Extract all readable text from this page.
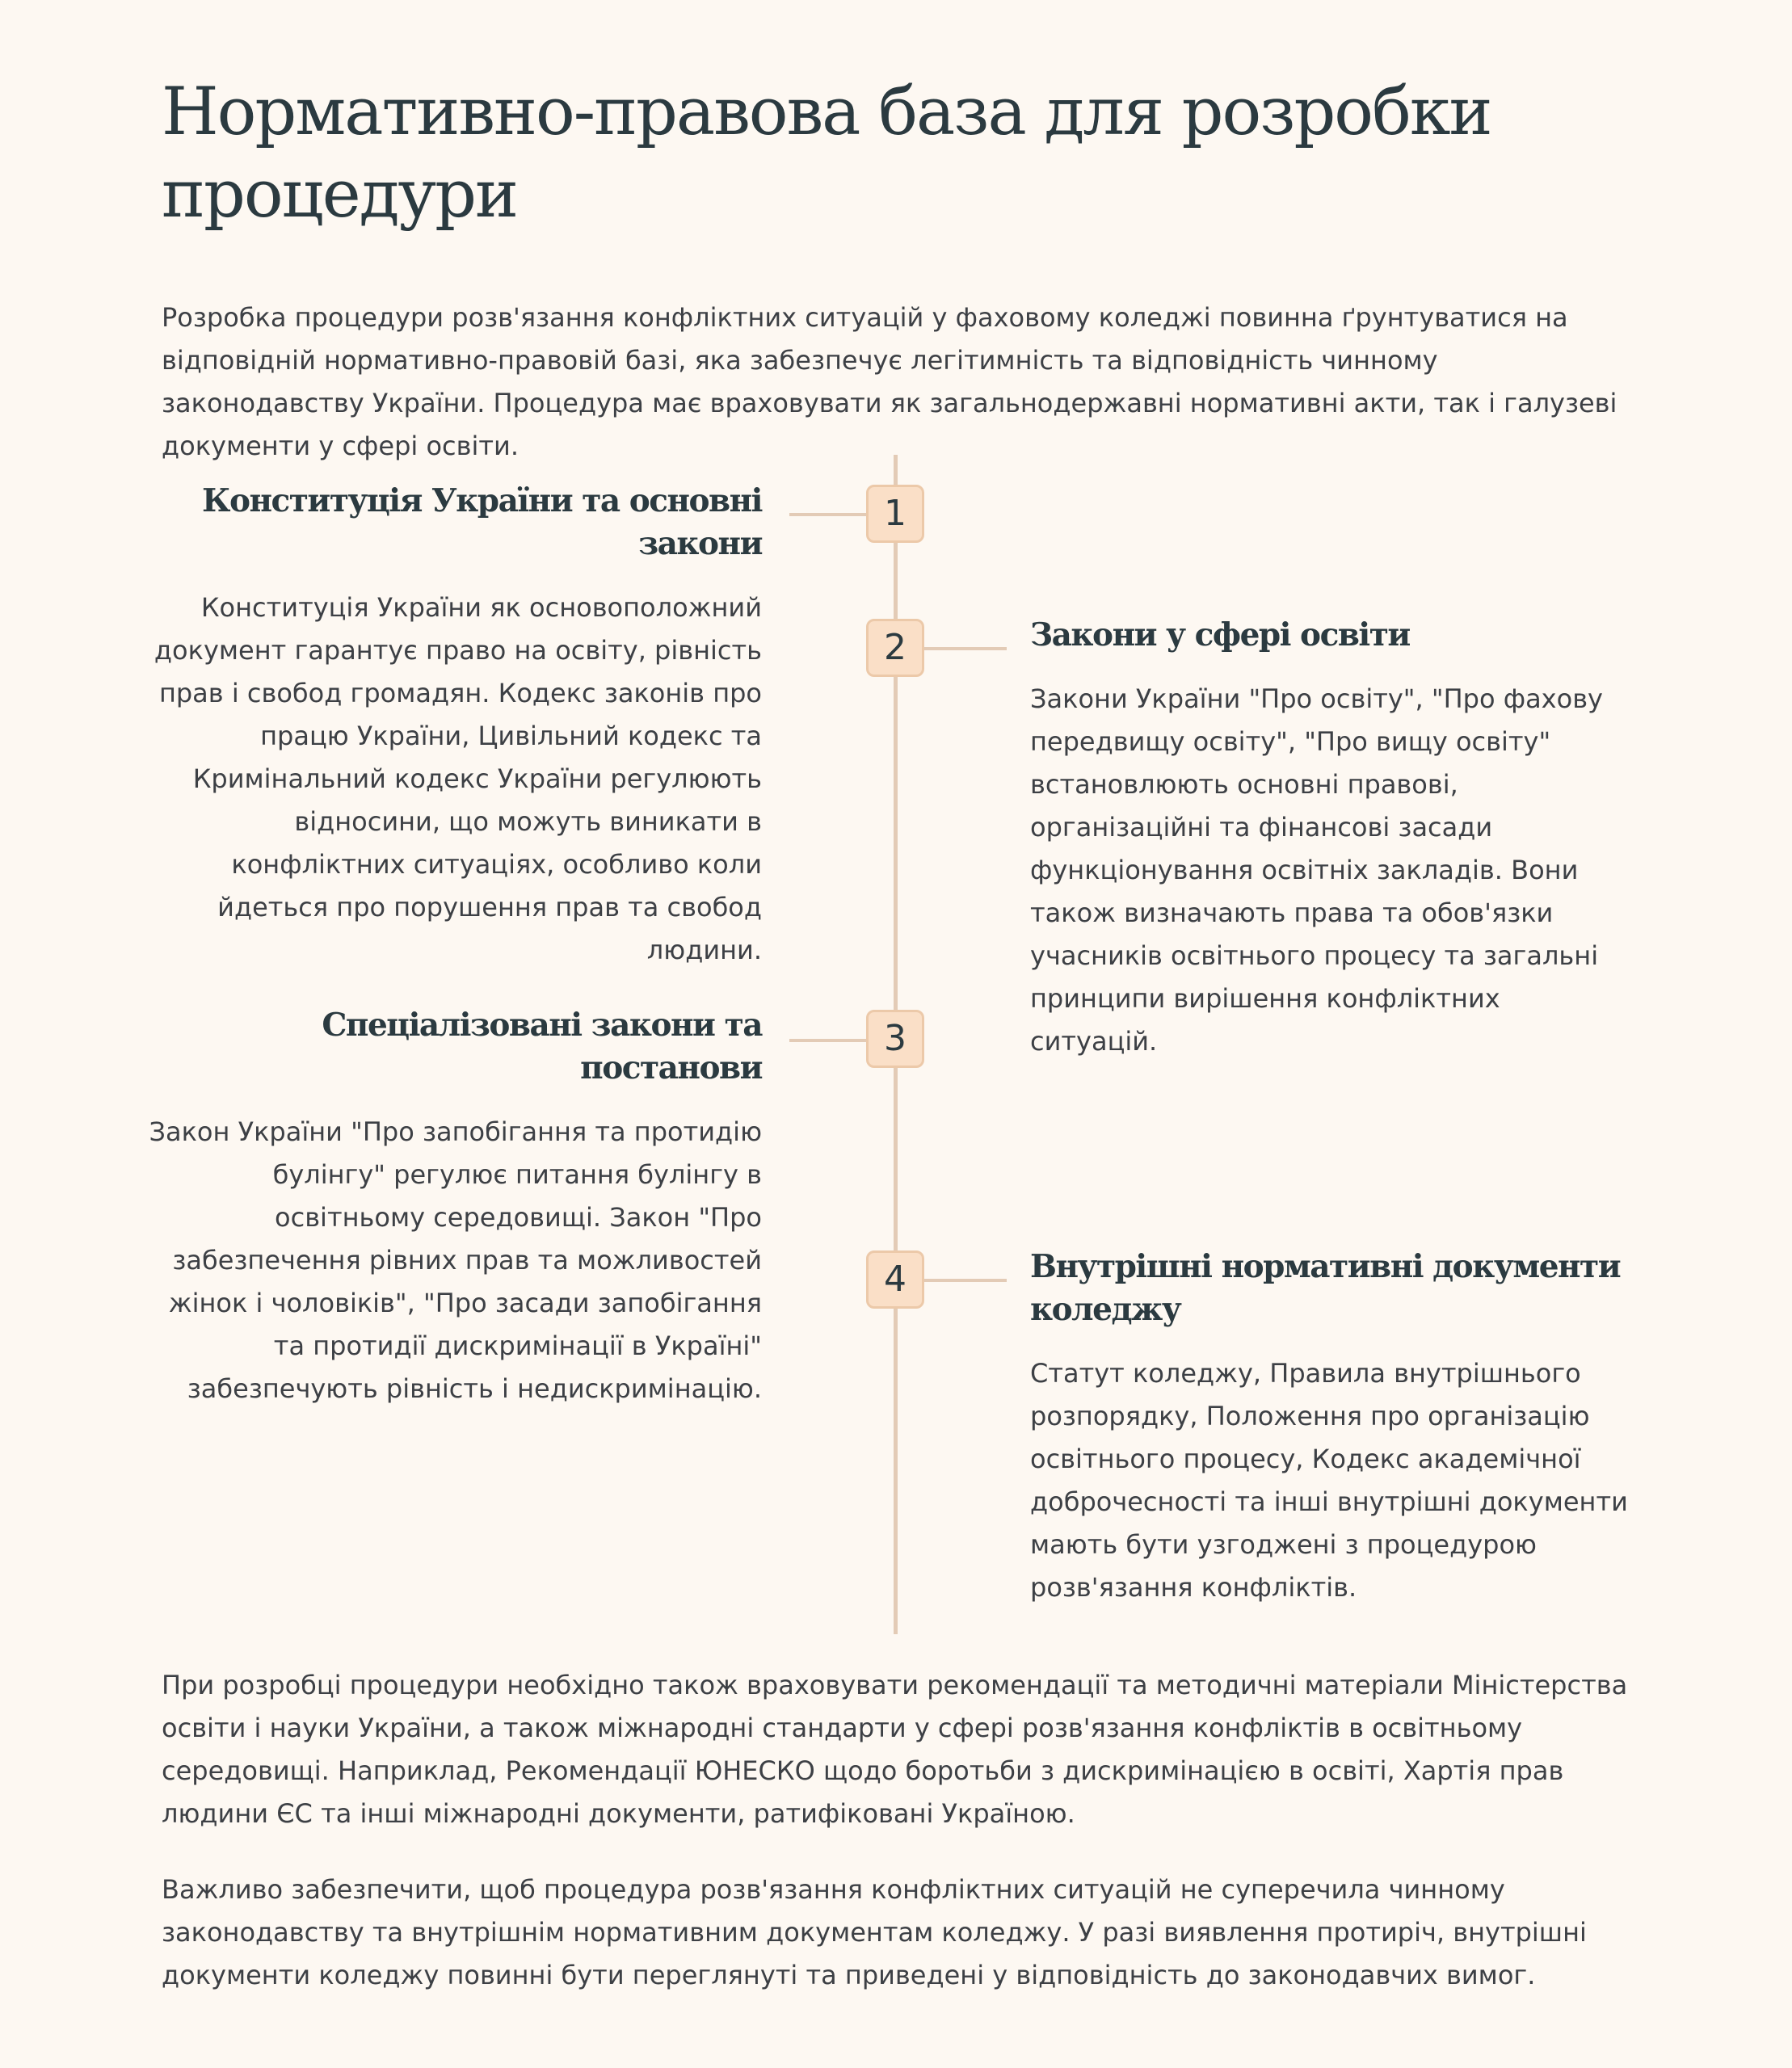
Нормативно-правова база для розробки процедури

Розробка процедури розв'язання конфліктних ситуацій у фаховому коледжі повинна ґрунтуватися на відповідній нормативно-правовій базі, яка забезпечує легітимність та відповідність чинному законодавству України. Процедура має враховувати як загальнодержавні нормативні акти, так і галузеві документи у сфері освіти.

1
Конституція України та основні закони

Конституція України як основоположний документ гарантує право на освіту, рівність прав і свобод громадян. Кодекс законів про працю України, Цивільний кодекс та Кримінальний кодекс України регулюють відносини, що можуть виникати в конфліктних ситуаціях, особливо коли йдеться про порушення прав та свобод людини.

2	Закони у сфері освіти

Закони України "Про освіту", "Про фахову передвищу освіту", "Про вищу освіту" встановлюють основні правові, організаційні та фінансові засади функціонування освітніх закладів. Вони також визначають права та обов'язки учасників освітнього процесу та загальні принципи вирішення конфліктних ситуацій.

3
Спеціалізовані закони та постанови

Закон України "Про запобігання та протидію булінгу" регулює питання булінгу в освітньому середовищі. Закон "Про забезпечення рівних прав та можливостей жінок і чоловіків", "Про засади запобігання та протидії дискримінації в Україні" забезпечують рівність і недискримінацію.

4	Внутрішні нормативні документи коледжу

Статут коледжу, Правила внутрішнього розпорядку, Положення про організацію освітнього процесу, Кодекс академічної доброчесності та інші внутрішні документи мають бути узгоджені з процедурою розв'язання конфліктів.

При розробці процедури необхідно також враховувати рекомендації та методичні матеріали Міністерства освіти і науки України, а також міжнародні стандарти у сфері розв'язання конфліктів в освітньому середовищі. Наприклад, Рекомендації ЮНЕСКО щодо боротьби з дискримінацією в освіті, Хартія прав людини ЄС та інші міжнародні документи, ратифіковані Україною.

Важливо забезпечити, щоб процедура розв'язання конфліктних ситуацій не суперечила чинному законодавству та внутрішнім нормативним документам коледжу. У разі виявлення протиріч, внутрішні документи коледжу повинні бути переглянуті та приведені у відповідність до законодавчих вимог.
